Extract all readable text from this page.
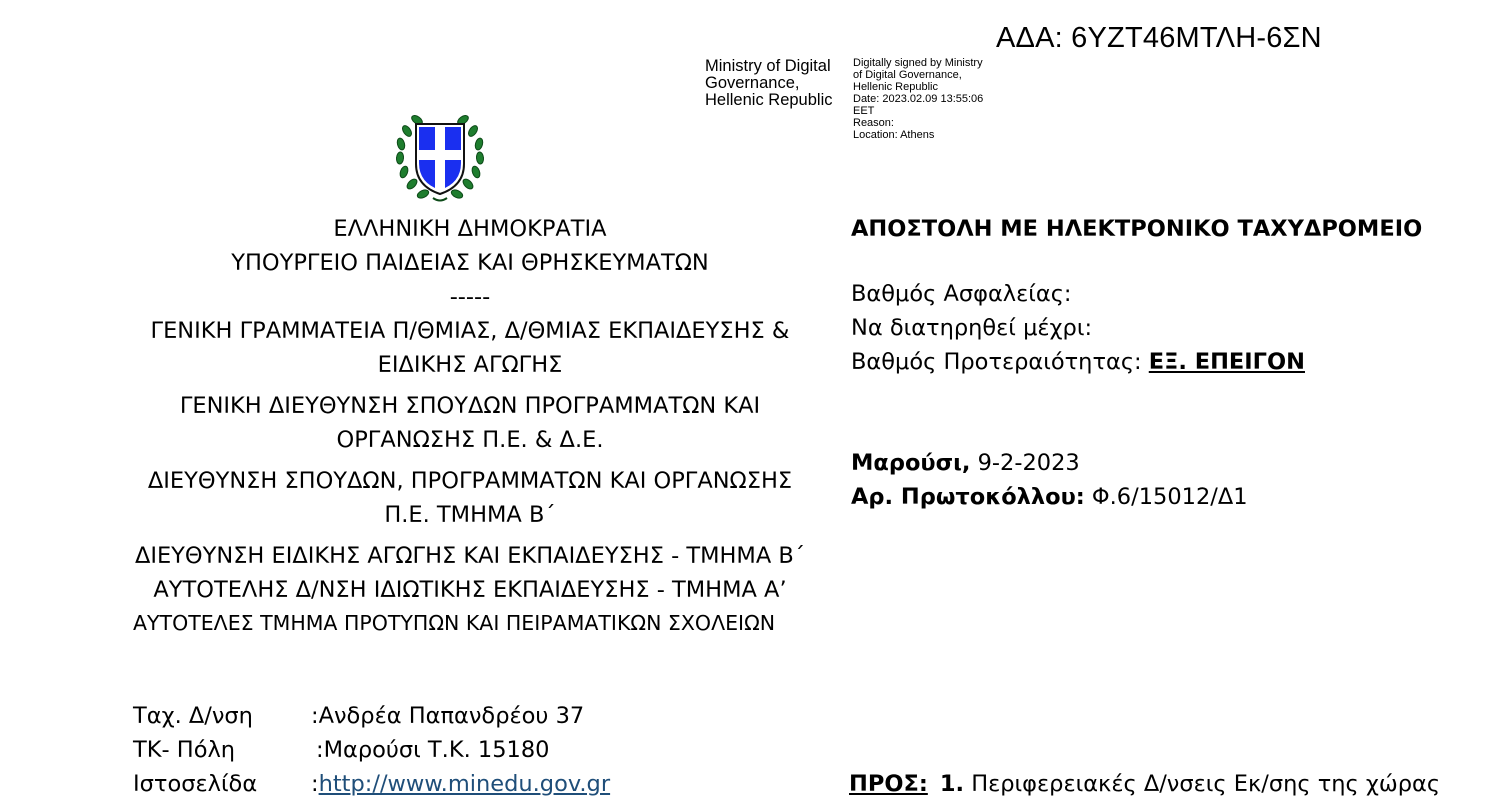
ΑΔΑ: 6ΥΖΤ46ΜΤΛΗ-6ΣΝ
Ministry of Digital
Governance,
Hellenic Republic
Digitally signed by Ministry
of Digital Governance,
Hellenic Republic
Date: 2023.02.09 13:55:06
EET
Reason:
Location: Athens
ΕΛΛΗΝΙΚΗ ΔΗΜΟΚΡΑΤΙΑ
ΥΠΟΥΡΓΕΙΟ ΠΑΙΔΕΙΑΣ ΚΑΙ ΘΡΗΣΚΕΥΜΑΤΩΝ
-----
ΓΕΝΙΚΗ ΓΡΑΜΜΑΤΕΙΑ Π/ΘΜΙΑΣ, Δ/ΘΜΙΑΣ ΕΚΠΑΙΔΕΥΣΗΣ &
ΕΙΔΙΚΗΣ ΑΓΩΓΗΣ
ΓΕΝΙΚΗ ΔΙΕΥΘΥΝΣΗ ΣΠΟΥΔΩΝ ΠΡΟΓΡΑΜΜΑΤΩΝ ΚΑΙ
ΟΡΓΑΝΩΣΗΣ Π.Ε. & Δ.Ε.
ΔΙΕΥΘΥΝΣΗ ΣΠΟΥΔΩΝ, ΠΡΟΓΡΑΜΜΑΤΩΝ ΚΑΙ ΟΡΓΑΝΩΣΗΣ
Π.Ε. ΤΜΗΜΑ Β΄
ΔΙΕΥΘΥΝΣΗ ΕΙΔΙΚΗΣ ΑΓΩΓΗΣ ΚΑΙ ΕΚΠΑΙΔΕΥΣΗΣ - ΤΜΗΜΑ Β΄
ΑΥΤΟΤΕΛΗΣ Δ/ΝΣΗ ΙΔΙΩΤΙΚΗΣ ΕΚΠΑΙΔΕΥΣΗΣ - ΤΜΗΜΑ Α’
ΑΥΤΟΤΕΛΕΣ ΤΜΗΜΑ ΠΡΟΤΥΠΩΝ ΚΑΙ ΠΕΙΡΑΜΑΤΙΚΩΝ ΣΧΟΛΕΙΩΝ
Ταχ. Δ/νση	:Ανδρέα Παπανδρέου 37
ΤΚ- Πόλη	:Μαρούσι Τ.Κ. 15180
Ιστοσελίδα :http://www.minedu.gov.gr
ΑΠΟΣΤΟΛΗ ΜΕ ΗΛΕΚΤΡΟΝΙΚΟ ΤΑΧΥΔΡΟΜΕΙΟ
Βαθμός Ασφαλείας:
Να διατηρηθεί μέχρι:
Βαθμός Προτεραιότητας: ΕΞ. ΕΠΕΙΓΟΝ
Μαρούσι, 9-2-2023
Αρ. Πρωτοκόλλου: Φ.6/15012/Δ1
ΠΡΟΣ: 1. Περιφερειακές Δ/νσεις Εκ/σης της χώρας
